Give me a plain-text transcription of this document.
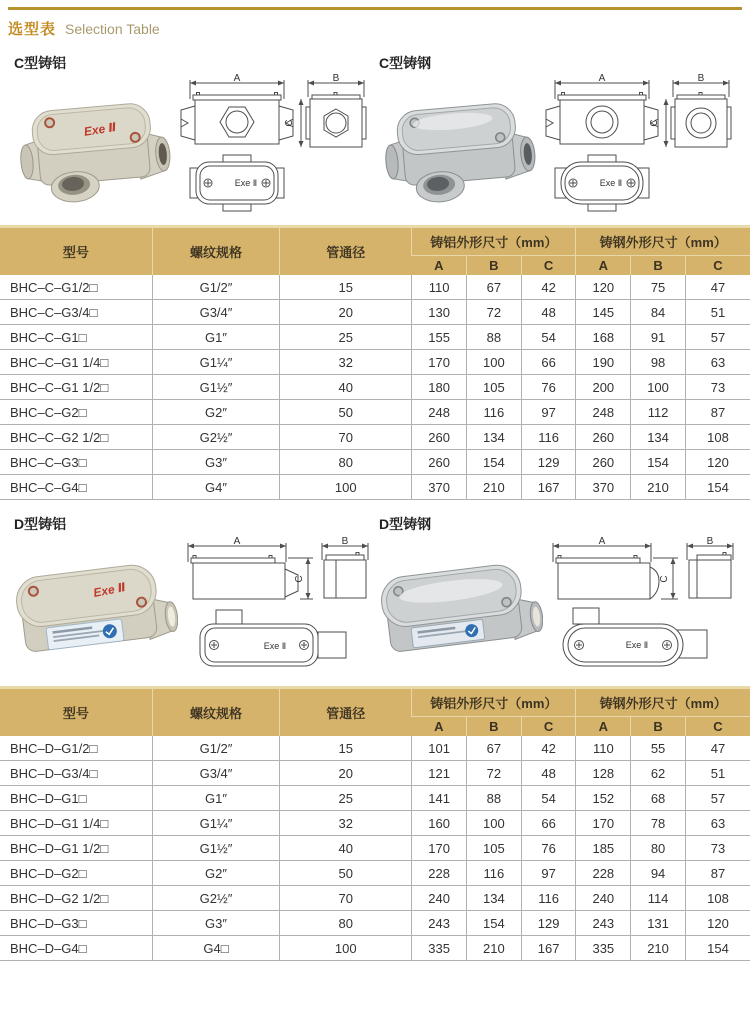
选型表 Selection Table
C型铸铝
Exe Ⅱ
A	B
C
Exe Ⅱ
C型铸钢
A	B
C
Exe Ⅱ
型号	螺纹规格	管通径	铸铝外形尺寸（mm）			铸钢外形尺寸（mm）		
			A	B	C	A	B	C
BHC–C–G1/2□	G1/2″	15	110	67	42	120	75	47
BHC–C–G3/4□	G3/4″	20	130	72	48	145	84	51
BHC–C–G1□	G1″	25	155	88	54	168	91	57
BHC–C–G1 1/4□	G1¼″	32	170	100	66	190	98	63
BHC–C–G1 1/2□	G1½″	40	180	105	76	200	100	73
BHC–C–G2□	G2″	50	248	116	97	248	112	87
BHC–C–G2 1/2□	G2½″	70	260	134	116	260	134	108
BHC–C–G3□	G3″	80	260	154	129	260	154	120
BHC–C–G4□	G4″	100	370	210	167	370	210	154
D型铸铝
Exe Ⅱ
A	B
C
Exe Ⅱ
D型铸钢
A	B
C
Exe Ⅱ
型号	螺纹规格	管通径	铸铝外形尺寸（mm）			铸钢外形尺寸（mm）		
			A	B	C	A	B	C
BHC–D–G1/2□	G1/2″	15	101	67	42	110	55	47
BHC–D–G3/4□	G3/4″	20	121	72	48	128	62	51
BHC–D–G1□	G1″	25	141	88	54	152	68	57
BHC–D–G1 1/4□	G1¼″	32	160	100	66	170	78	63
BHC–D–G1 1/2□	G1½″	40	170	105	76	185	80	73
BHC–D–G2□	G2″	50	228	116	97	228	94	87
BHC–D–G2 1/2□	G2½″	70	240	134	116	240	114	108
BHC–D–G3□	G3″	80	243	154	129	243	131	120
BHC–D–G4□	G4□	100	335	210	167	335	210	154
